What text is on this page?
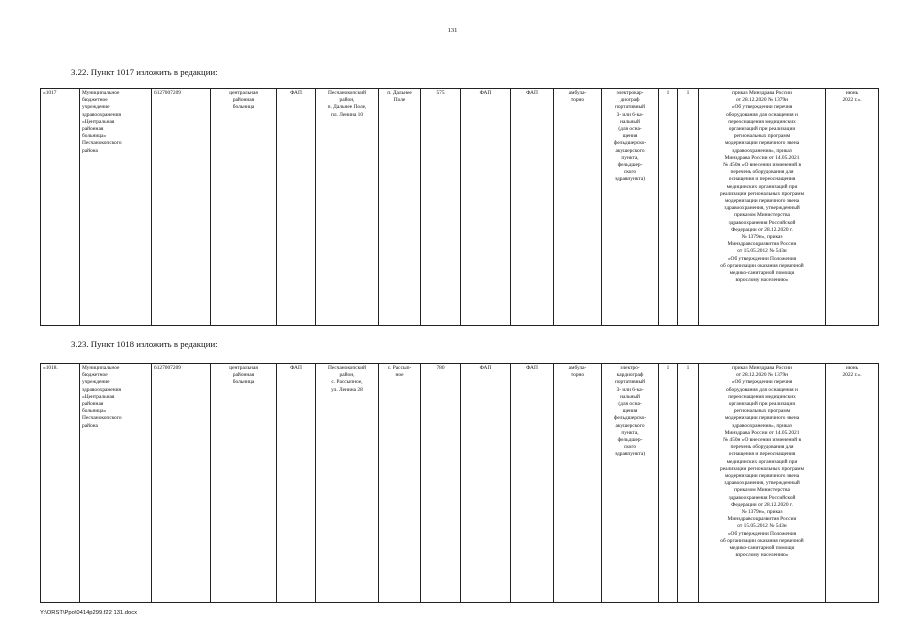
131
3.22. Пункт 1017 изложить в редакции:
«1017	Муниципальное
бюджетное
учреждение
здравоохранения
«Центральная
районная
больница»
Песчанокопского
района	6127007209	центральная
районная
больница	ФАП	Песчанокопский
район,
п. Дальнее Поле,
пл. Ленина 10	п. Дальнее
Поле	575	ФАП	ФАП	амбула-
торно	электрокар-
диограф
портативный
3- или 6-ка-
нальный
(для осна-
щения
фельдшерско-
акушерского
пункта,
фельдшер-
ского
здравпункта)	1	1	приказ Минздрава России
от 28.12.2020 № 1379н
«Об утверждении перечня
оборудования для оснащения и
переоснащения медицинских
организаций при реализации
региональных программ
модернизации первичного звена
здравоохранения», приказ
Минздрава России от 14.05.2021
№ 450н «О внесении изменений в
перечень оборудования для
оснащения и переоснащения
медицинских организаций при
реализации региональных программ
модернизации первичного звена
здравоохранения, утвержденный
приказом Министерства
здравоохранения Российской
Федерации от 28.12.2020 г.
№ 1379н», приказ
Минздравсоцразвития России
от 15.05.2012 № 543н
«Об утверждении Положения
об организации оказания первичной
медико-санитарной помощи
взрослому населению»	июнь
2022 г.».
3.23. Пункт 1018 изложить в редакции:
«1018.	Муниципальное
бюджетное
учреждение
здравоохранения
«Центральная
районная
больница»
Песчанокопского
района	6127007209	центральная
районная
больница	ФАП	Песчанокопский
район,
с. Рассыпное,
ул. Ленина 28	с. Рассып-
ное	780	ФАП	ФАП	амбула-
торно	электро-
кардиограф
портативный
3- или 6-ка-
нальный
(для осна-
щения
фельдшерско-
акушерского
пункта,
фельдшер-
ского
здравпункта)	1	1	приказ Минздрава России
от 28.12.2020 № 1379н
«Об утверждении перечня
оборудования для оснащения и
переоснащения медицинских
организаций при реализации
региональных программ
модернизации первичного звена
здравоохранения», приказ
Минздрава России от 14.05.2021
№ 450н «О внесении изменений в
перечень оборудования для
оснащения и переоснащения
медицинских организаций при
реализации региональных программ
модернизации первичного звена
здравоохранения, утвержденный
приказом Министерства
здравоохранения Российской
Федерации от 28.12.2020 г.
№ 1379н», приказ
Минздравсоцразвития России
от 15.05.2012 № 543н
«Об утверждении Положения
об организации оказания первичной
медико-санитарной помощи
взрослому населению»	июнь
2022 г.».
Y:\ORST\Ppo\0414p299.f22 131.docx
